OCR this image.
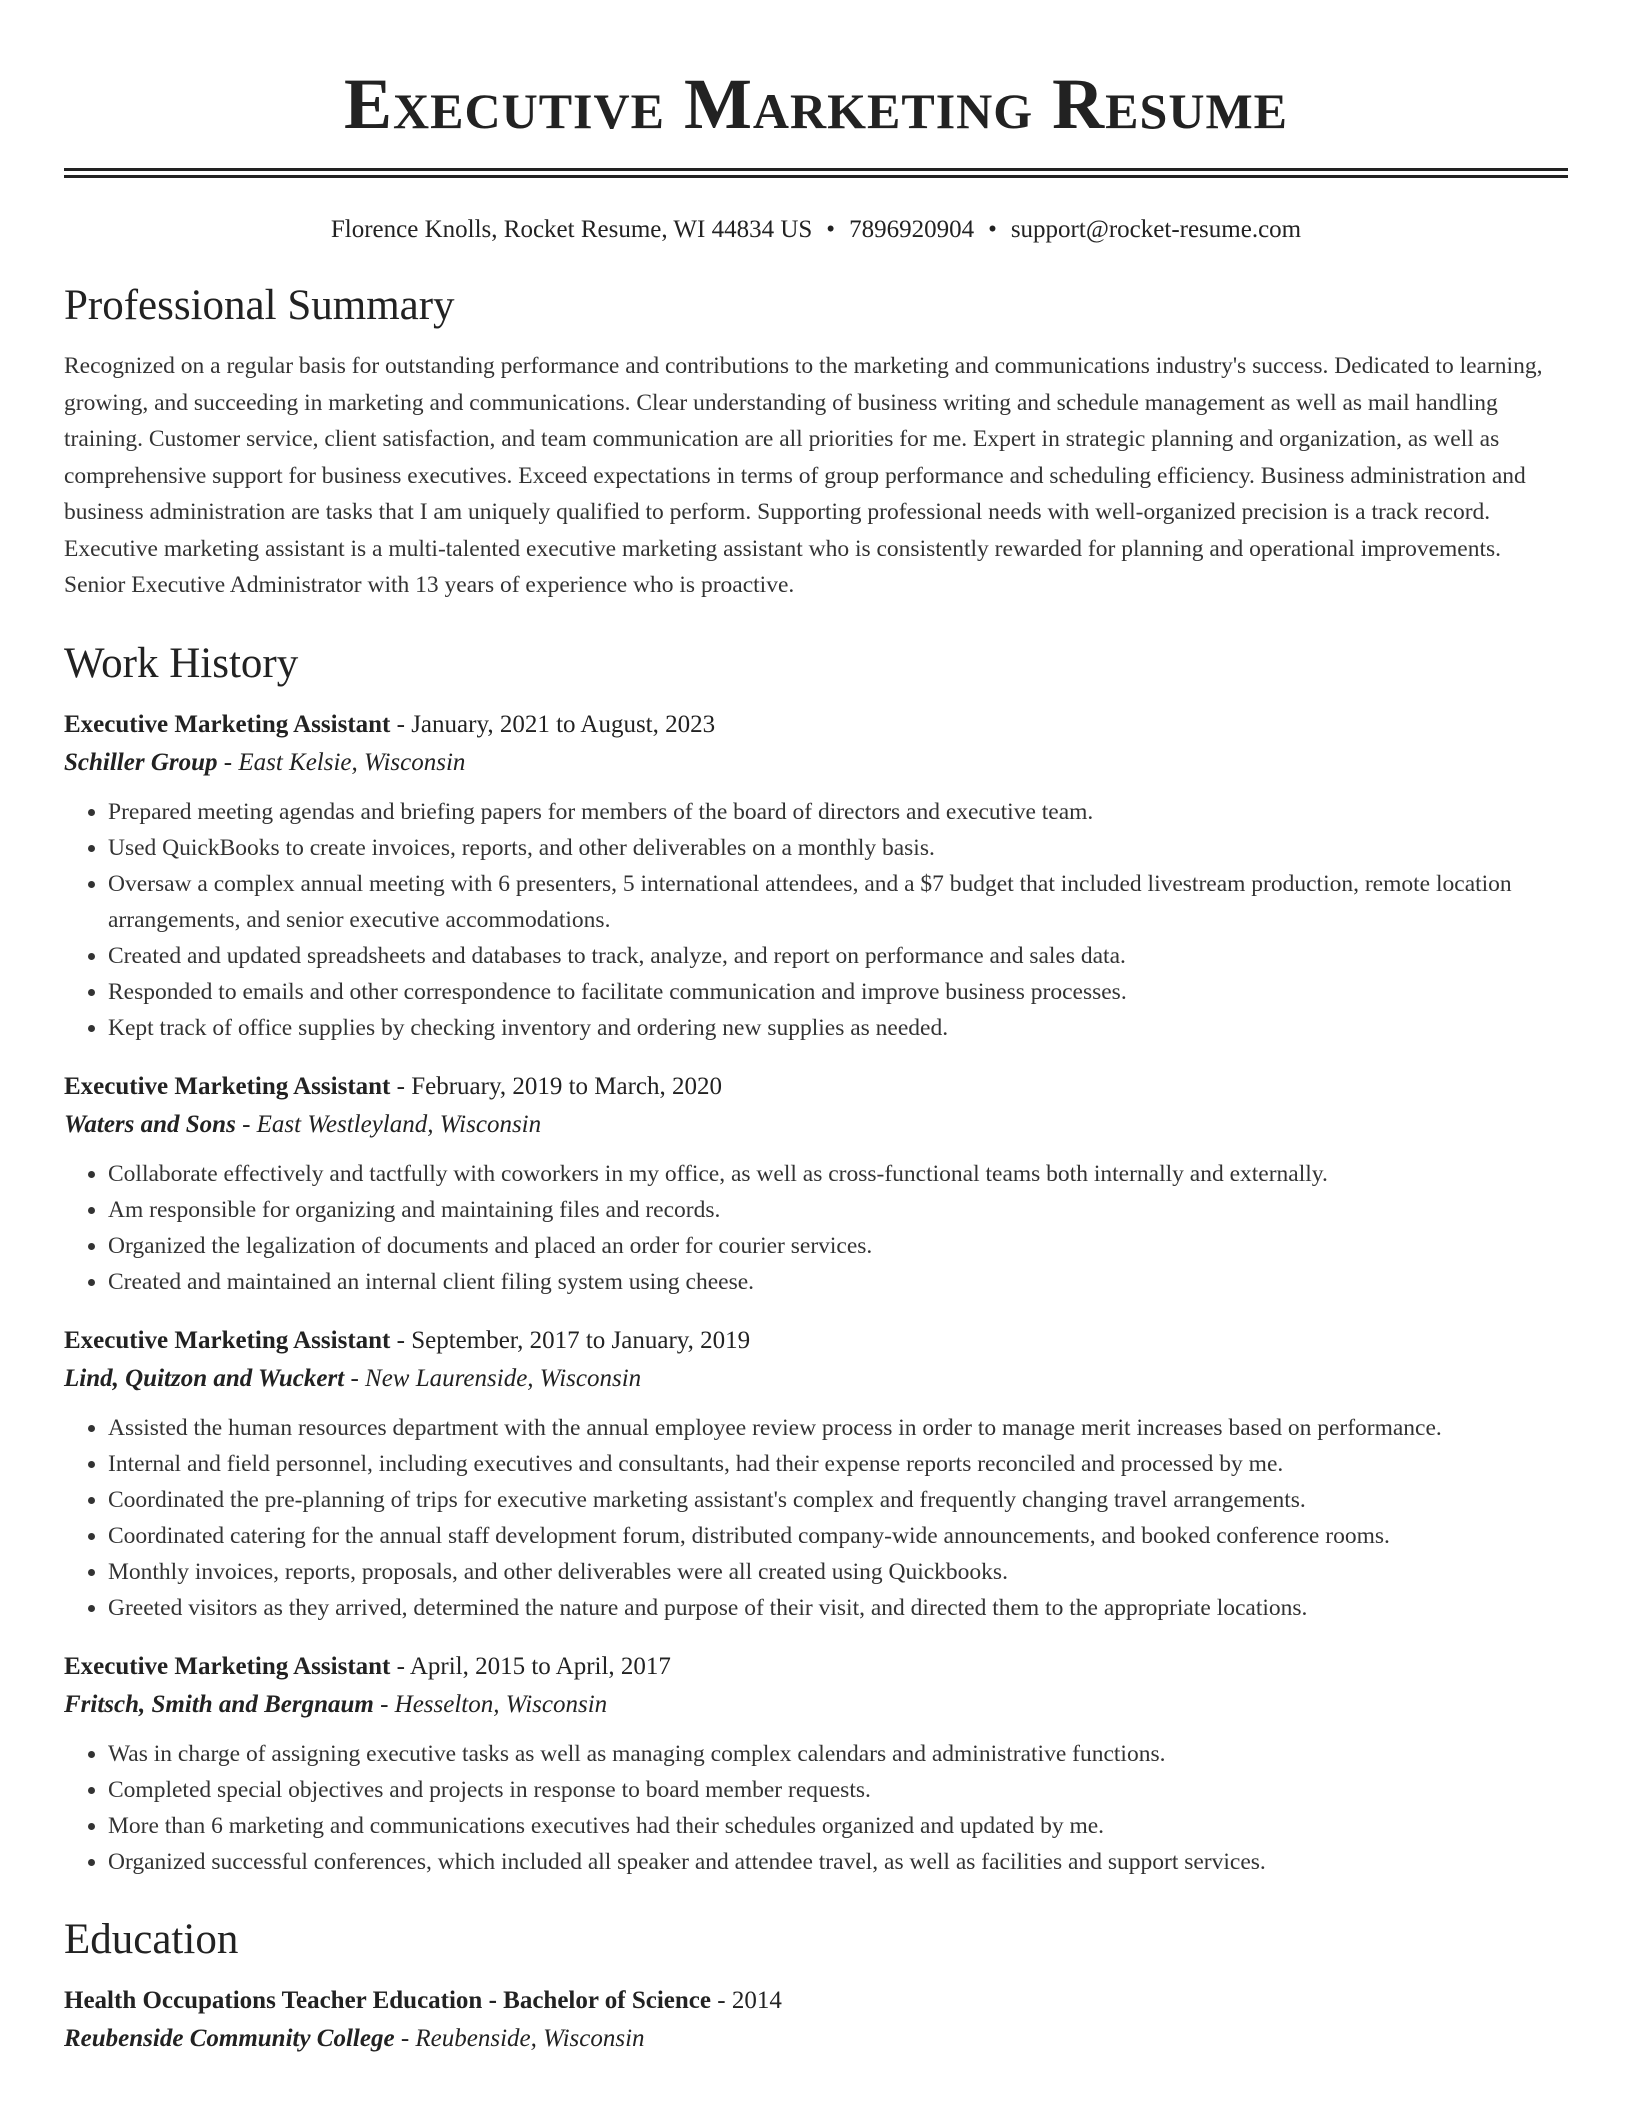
Executive Marketing Resume
Florence Knolls, Rocket Resume, WI 44834 US • 7896920904 • support@rocket-resume.com
Professional Summary

Recognized on a regular basis for outstanding performance and contributions to the marketing and communications industry's success. Dedicated to learning, growing, and succeeding in marketing and communications. Clear understanding of business writing and schedule management as well as mail handling training. Customer service, client satisfaction, and team communication are all priorities for me. Expert in strategic planning and organization, as well as comprehensive support for business executives. Exceed expectations in terms of group performance and scheduling efficiency. Business administration and business administration are tasks that I am uniquely qualified to perform. Supporting professional needs with well-organized precision is a track record. Executive marketing assistant is a multi-talented executive marketing assistant who is consistently rewarded for planning and operational improvements. Senior Executive Administrator with 13 years of experience who is proactive.

Work History
Executive Marketing Assistant - January, 2021 to August, 2023
Schiller Group - East Kelsie, Wisconsin
• Prepared meeting agendas and briefing papers for members of the board of directors and executive team.
• Used QuickBooks to create invoices, reports, and other deliverables on a monthly basis.
• Oversaw a complex annual meeting with 6 presenters, 5 international attendees, and a $7 budget that included livestream production, remote location arrangements, and senior executive accommodations.
• Created and updated spreadsheets and databases to track, analyze, and report on performance and sales data.
• Responded to emails and other correspondence to facilitate communication and improve business processes.
• Kept track of office supplies by checking inventory and ordering new supplies as needed.
Executive Marketing Assistant - February, 2019 to March, 2020
Waters and Sons - East Westleyland, Wisconsin
• Collaborate effectively and tactfully with coworkers in my office, as well as cross-functional teams both internally and externally.
• Am responsible for organizing and maintaining files and records.
• Organized the legalization of documents and placed an order for courier services.
• Created and maintained an internal client filing system using cheese.
Executive Marketing Assistant - September, 2017 to January, 2019
Lind, Quitzon and Wuckert - New Laurenside, Wisconsin
• Assisted the human resources department with the annual employee review process in order to manage merit increases based on performance.
• Internal and field personnel, including executives and consultants, had their expense reports reconciled and processed by me.
• Coordinated the pre-planning of trips for executive marketing assistant's complex and frequently changing travel arrangements.
• Coordinated catering for the annual staff development forum, distributed company-wide announcements, and booked conference rooms.
• Monthly invoices, reports, proposals, and other deliverables were all created using Quickbooks.
• Greeted visitors as they arrived, determined the nature and purpose of their visit, and directed them to the appropriate locations.
Executive Marketing Assistant - April, 2015 to April, 2017
Fritsch, Smith and Bergnaum - Hesselton, Wisconsin
• Was in charge of assigning executive tasks as well as managing complex calendars and administrative functions.
• Completed special objectives and projects in response to board member requests.
• More than 6 marketing and communications executives had their schedules organized and updated by me.
• Organized successful conferences, which included all speaker and attendee travel, as well as facilities and support services.
Education
Health Occupations Teacher Education - Bachelor of Science - 2014
Reubenside Community College - Reubenside, Wisconsin
